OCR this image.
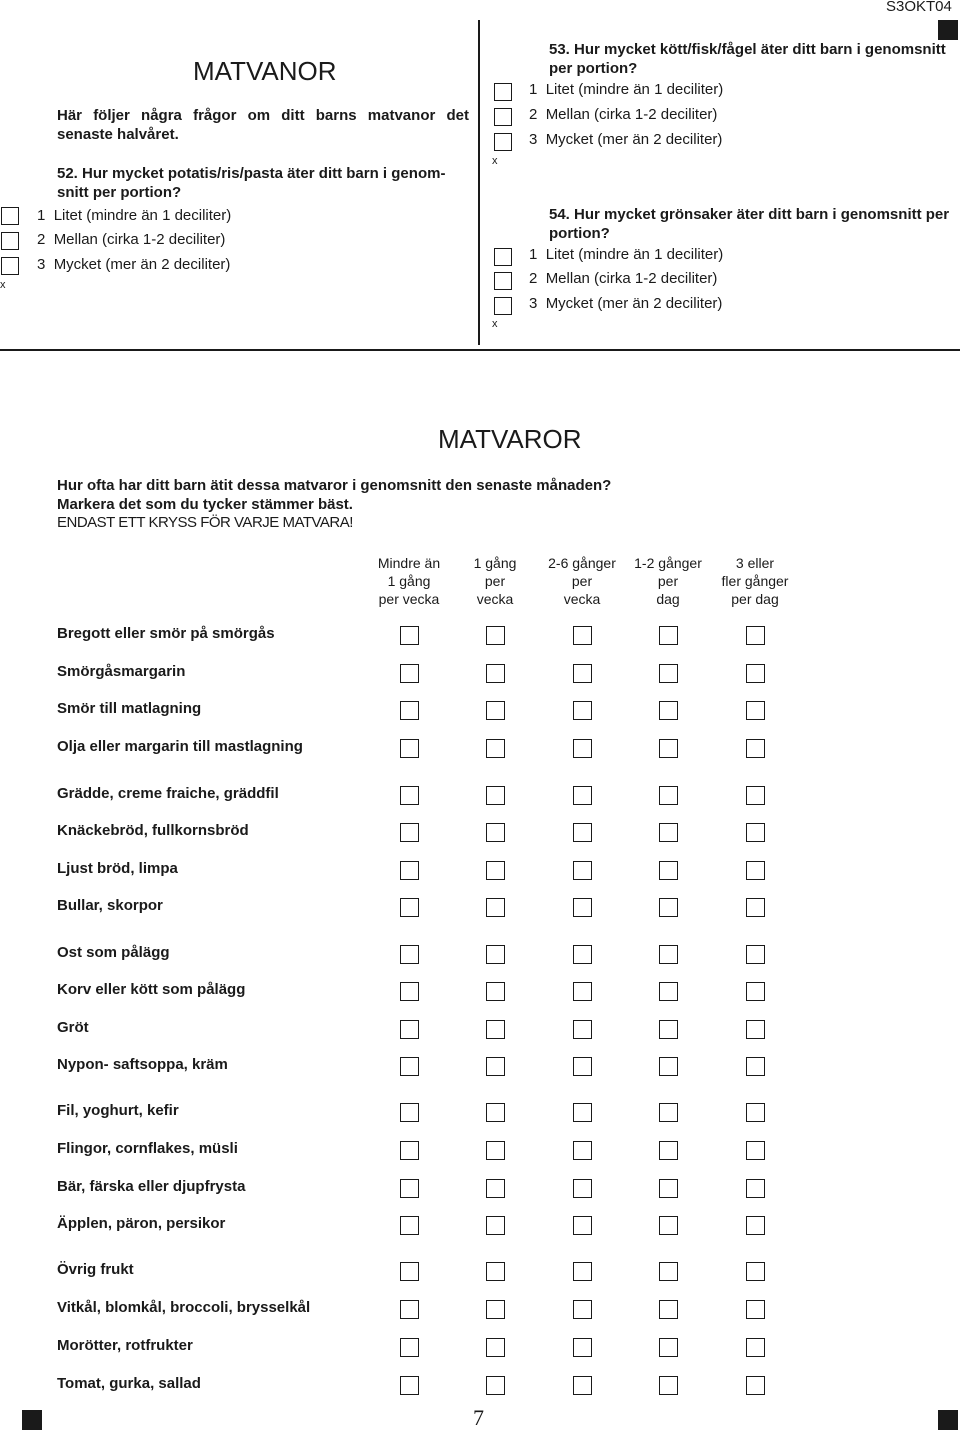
S3OKT04
MATVANOR
Här följer några frågor om ditt barns matvanor det senaste halvåret.
52. Hur mycket potatis/ris/pasta äter ditt barn i genom-snitt per portion?
1 Litet (mindre än 1 deciliter)
2 Mellan (cirka 1-2 deciliter)
3 Mycket (mer än 2 deciliter)
x
53. Hur mycket kött/fisk/fågel äter ditt barn i genomsnitt per portion?
1 Litet (mindre än 1 deciliter)
2 Mellan (cirka 1-2 deciliter)
3 Mycket (mer än 2 deciliter)
x
54. Hur mycket grönsaker äter ditt barn i genomsnitt per portion?
1 Litet (mindre än 1 deciliter)
2 Mellan (cirka 1-2 deciliter)
3 Mycket (mer än 2 deciliter)
x
MATVAROR
Hur ofta har ditt barn ätit dessa matvaror i genomsnitt den senaste månaden?
Markera det som du tycker stämmer bäst.
ENDAST ETT KRYSS FÖR VARJE MATVARA!
Mindre än
1 gång
per vecka
1 gång
per
vecka
2-6 gånger
per
vecka
1-2 gånger
per
dag
3 eller
fler gånger
per dag
Bregott eller smör på smörgås
Smörgåsmargarin
Smör till matlagning
Olja eller margarin till mastlagning
Grädde, creme fraiche, gräddfil
Knäckebröd, fullkornsbröd
Ljust bröd, limpa
Bullar, skorpor
Ost som pålägg
Korv eller kött som pålägg
Gröt
Nypon- saftsoppa, kräm
Fil, yoghurt, kefir
Flingor, cornflakes, müsli
Bär, färska eller djupfrysta
Äpplen, päron, persikor
Övrig frukt
Vitkål, blomkål, broccoli, brysselkål
Morötter, rotfrukter
Tomat, gurka, sallad
7
